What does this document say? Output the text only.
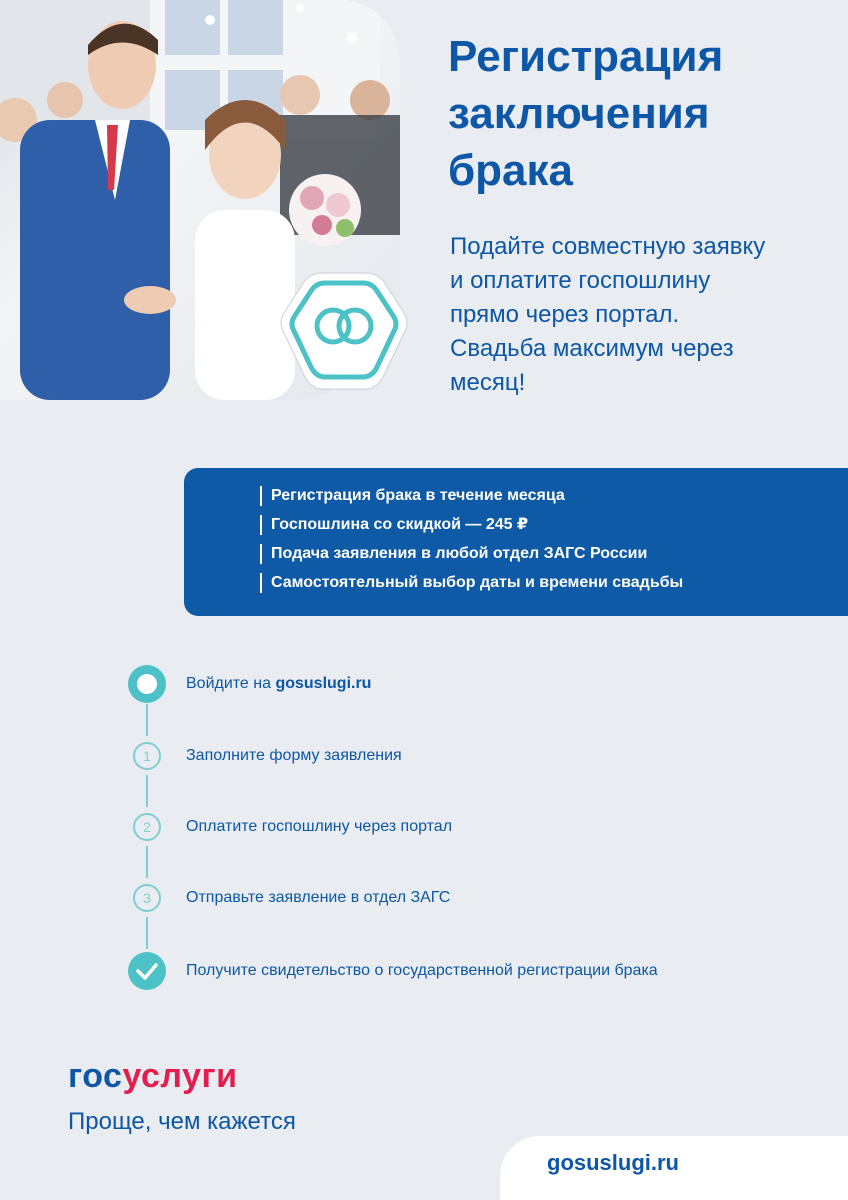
Регистрация
заключения
брака
Подайте совместную заявку
и оплатите госпошлину
прямо через портал.
Свадьба максимум через
месяц!
Регистрация брака в течение месяца
Госпошлина со скидкой — 245 ₽
Подача заявления в любой отдел ЗАГС России
Самостоятельный выбор даты и времени свадьбы
Войдите на gosuslugi.ru
1 Заполните форму заявления
2 Оплатите госпошлину через портал
3 Отправьте заявление в отдел ЗАГС
Получите свидетельство о государственной регистрации брака
госуслуги
Проще, чем кажется
gosuslugi.ru
